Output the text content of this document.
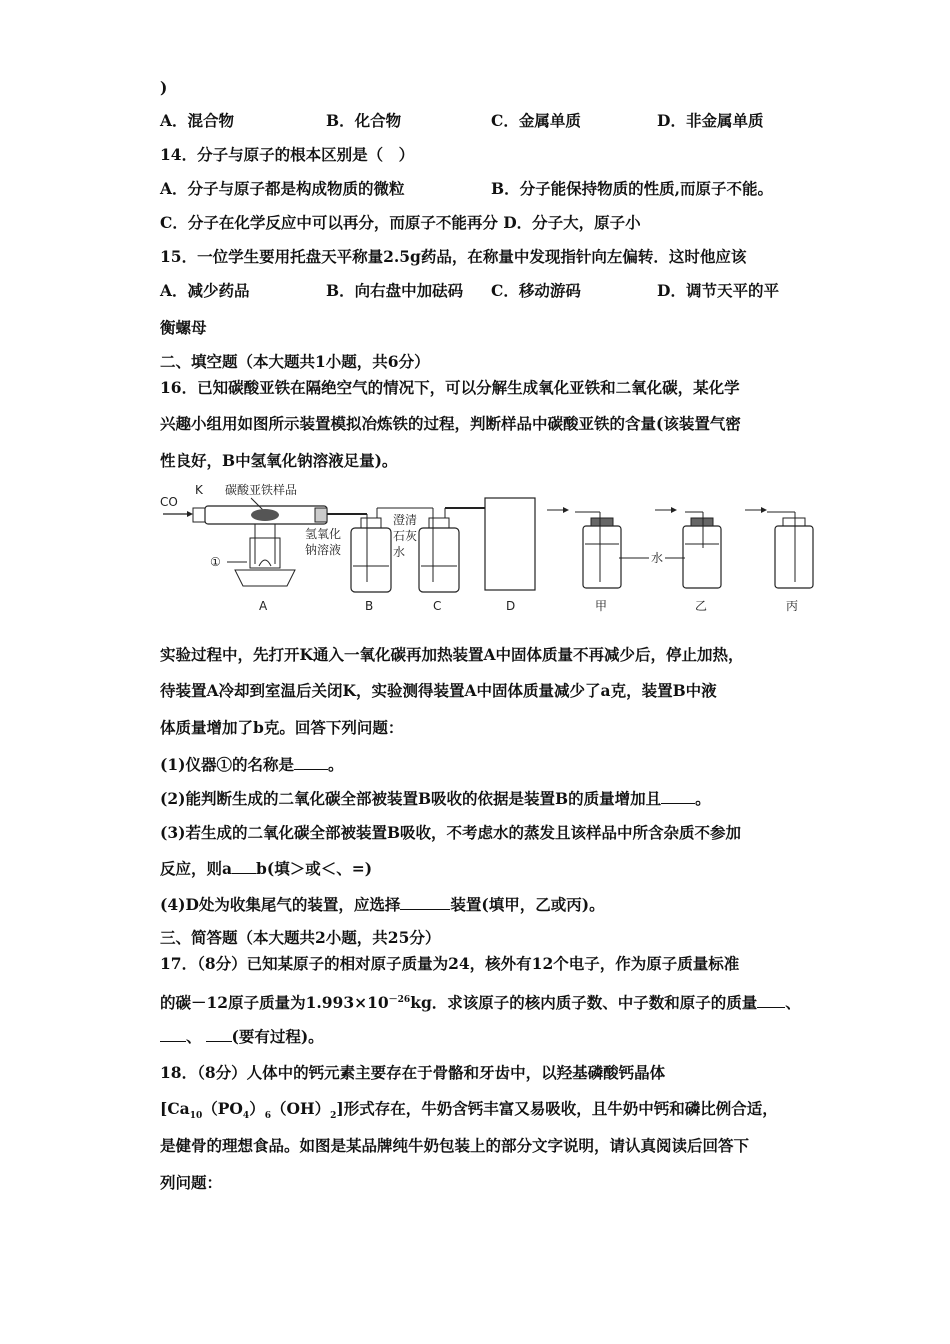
)
A．混合物	B．化合物	C．金属单质	D．非金属单质
14．分子与原子的根本区别是（　）
A．分子与原子都是构成物质的微粒	B．分子能保持物质的性质,而原子不能。
C．分子在化学反应中可以再分，而原子不能再分 D．分子大，原子小
15．一位学生要用托盘天平称量2.5g药品，在称量中发现指针向左偏转．这时他应该
A．减少药品	B．向右盘中加砝码 C．移动游码	D．调节天平的平
衡螺母
二、填空题（本大题共1小题，共6分）
16．已知碳酸亚铁在隔绝空气的情况下，可以分解生成氧化亚铁和二氧化碳，某化学
兴趣小组用如图所示装置模拟冶炼铁的过程，判断样品中碳酸亚铁的含量(该装置气密
性良好，B中氢氧化钠溶液足量)。
CO
K 碳酸亚铁样品
①
A
氢氧化
钠溶液
B
澄清
石灰
水
C	D	甲
水
乙	丙
实验过程中，先打开K通入一氧化碳再加热装置A中固体质量不再减少后，停止加热，
待装置A冷却到室温后关闭K，实验测得装置A中固体质量减少了a克，装置B中液
体质量增加了b克。回答下列问题：
(1)仪器①的名称是 。
(2)能判断生成的二氧化碳全部被装置B吸收的依据是装置B的质量增加且 。
(3)若生成的二氧化碳全部被装置B吸收，不考虑水的蒸发且该样品中所含杂质不参加
反应，则a b(填＞或＜、=)
(4)D处为收集尾气的装置，应选择	装置(填甲，乙或丙)。
三、简答题（本大题共2小题，共25分）
17．（8分）已知某原子的相对原子质量为24，核外有12个电子，作为原子质量标准
的碳－12原子质量为$1.993\times 10^{-26}kg$．求该原子的核内质子数、中子数和原子的质量 、
、 (要有过程)。
18．（8分）人体中的钙元素主要存在于骨骼和牙齿中，以羟基磷酸钙晶体
$[Ca_{10}(PO_4)_6(OH)_2]$形式存在，牛奶含钙丰富又易吸收，且牛奶中钙和磷比例合适，
是健骨的理想食品。如图是某品牌纯牛奶包装上的部分文字说明，请认真阅读后回答下
列问题：
